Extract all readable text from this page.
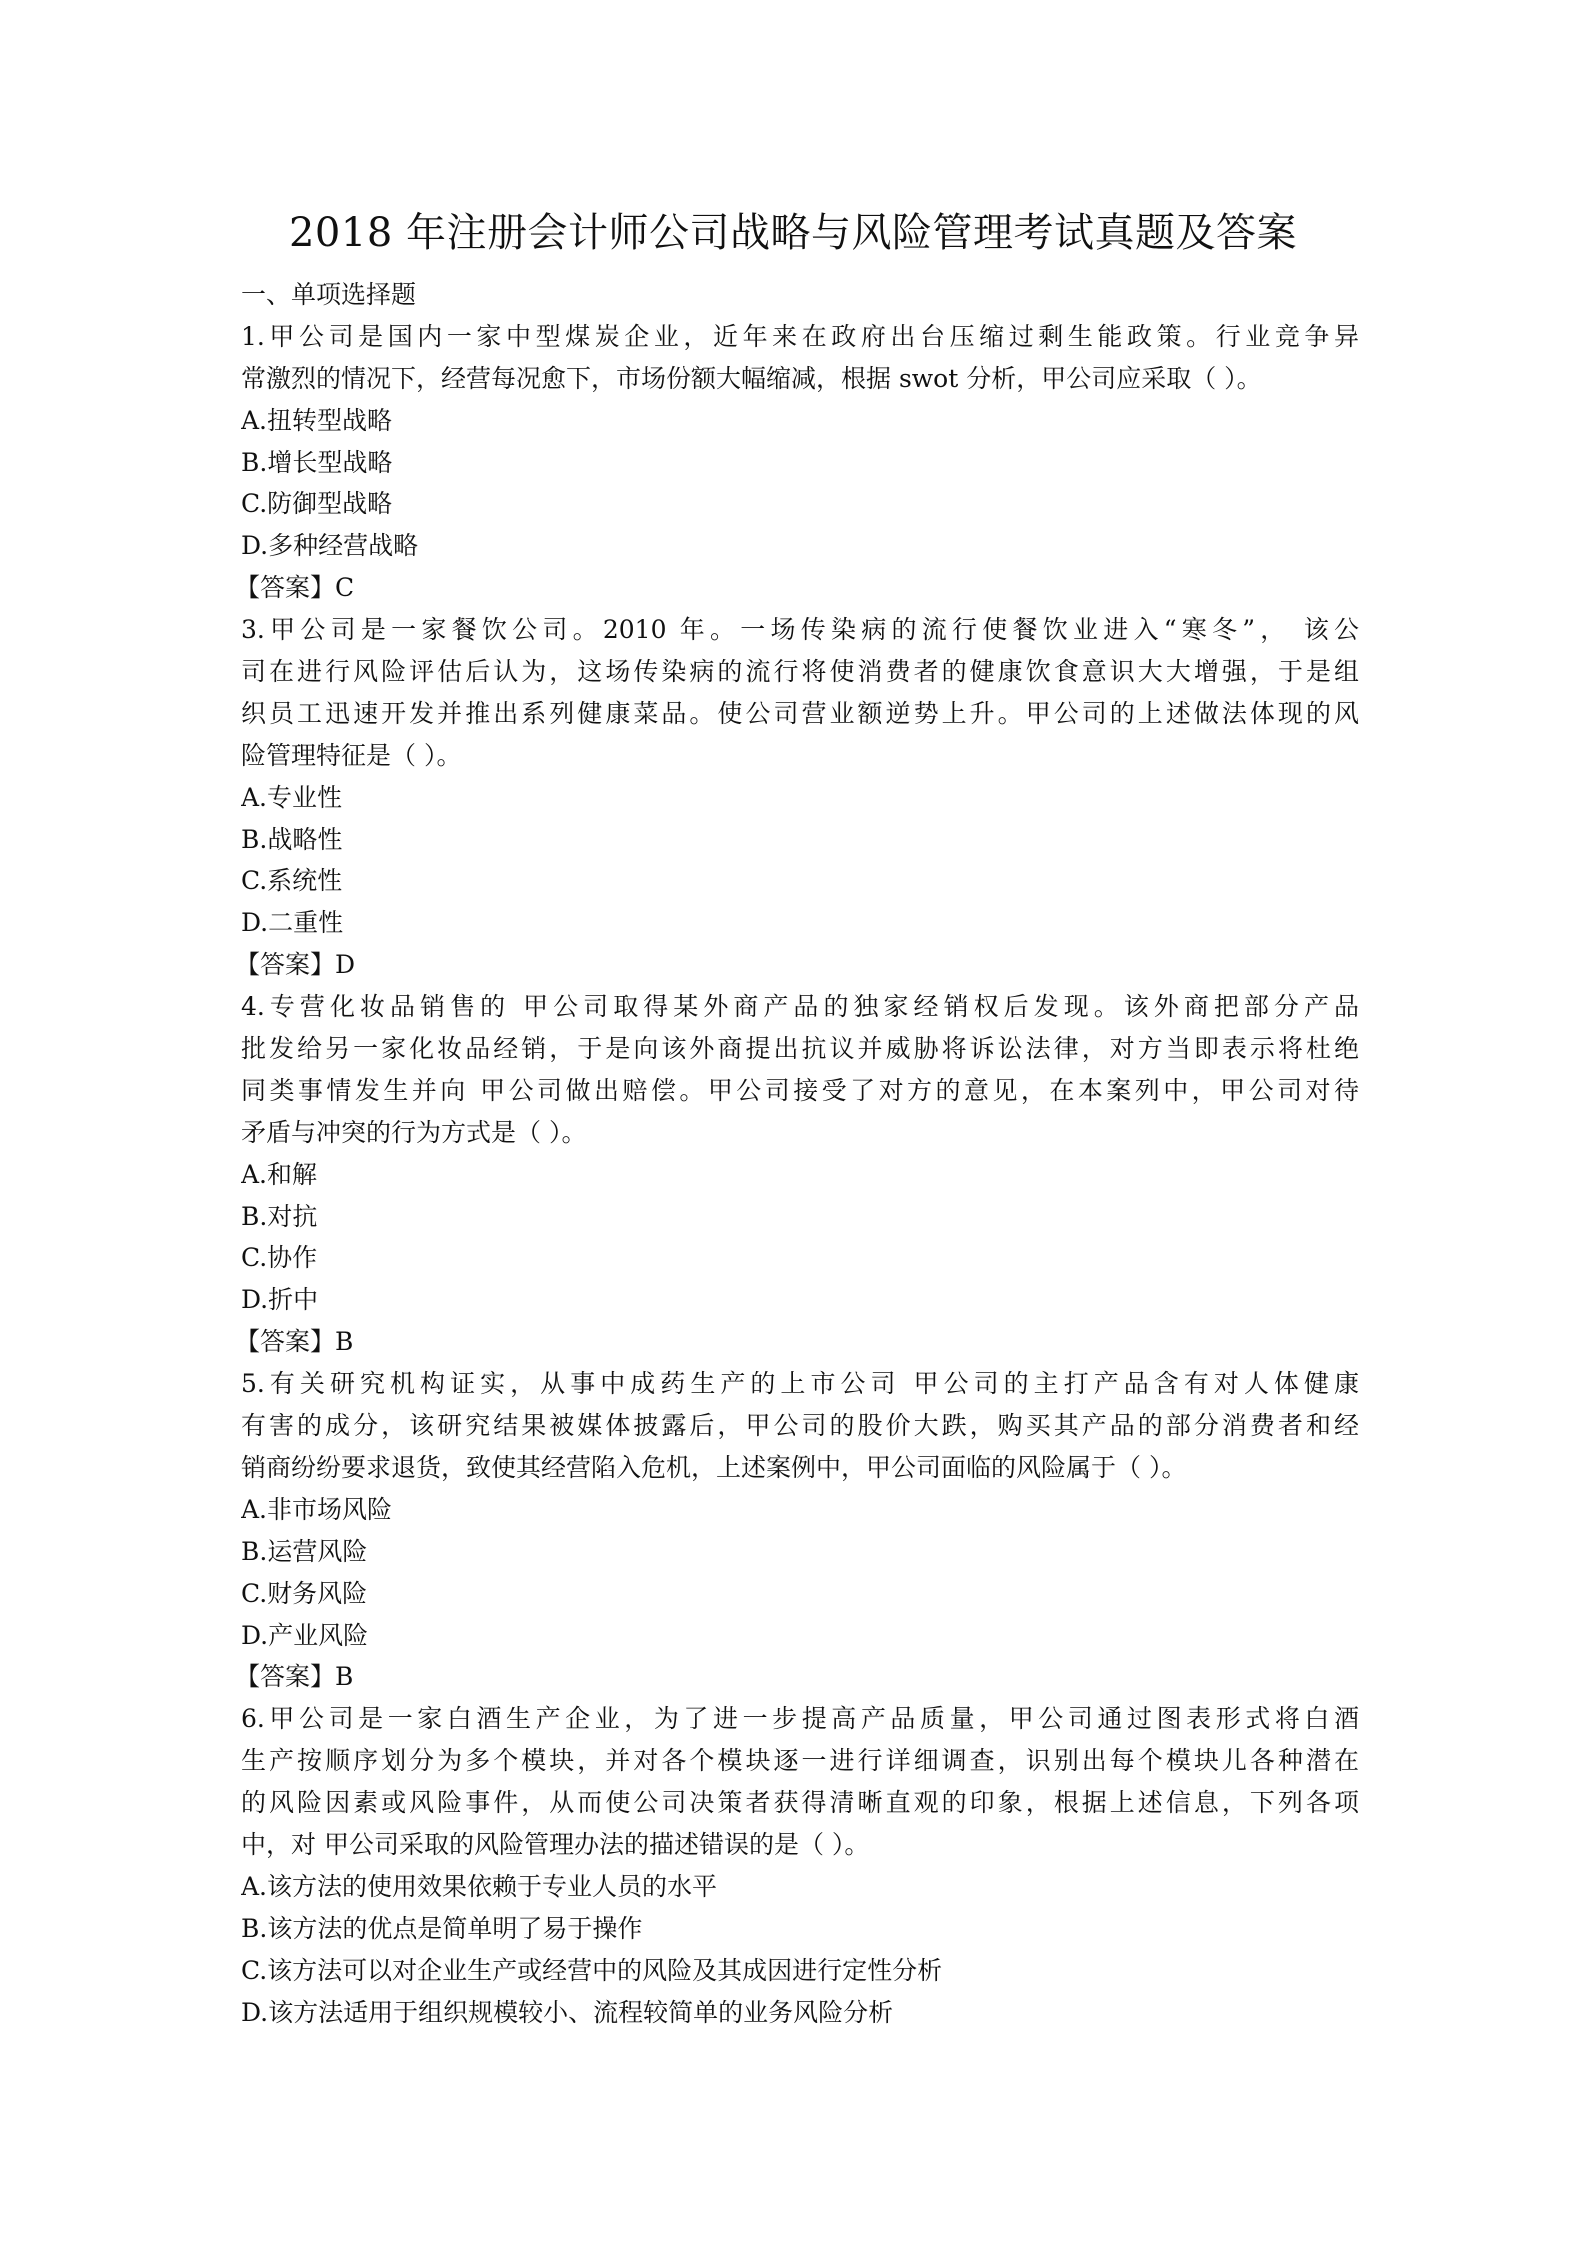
2018 年注册会计师公司战略与风险管理考试真题及答案
一、单项选择题
1.甲公司是国内一家中型煤炭企业，近年来在政府出台压缩过剩生能政策。行业竞争异
常激烈的情况下，经营每况愈下，市场份额大幅缩减，根据 swot 分析，甲公司应采取（ ）。
A.扭转型战略
B.增长型战略
C.防御型战略
D.多种经营战略
【答案】C
3.甲公司是一家餐饮公司。2010 年。一场传染病的流行使餐饮业进入“寒冬”， 该公
司在进行风险评估后认为，这场传染病的流行将使消费者的健康饮食意识大大增强，于是组
织员工迅速开发并推出系列健康菜品。使公司营业额逆势上升。甲公司的上述做法体现的风
险管理特征是（ ）。
A.专业性
B.战略性
C.系统性
D.二重性
【答案】D
4.专营化妆品销售的 甲公司取得某外商产品的独家经销权后发现。该外商把部分产品
批发给另一家化妆品经销，于是向该外商提出抗议并威胁将诉讼法律，对方当即表示将杜绝
同类事情发生并向 甲公司做出赔偿。甲公司接受了对方的意见，在本案列中，甲公司对待
矛盾与冲突的行为方式是（ ）。
A.和解
B.对抗
C.协作
D.折中
【答案】B
5.有关研究机构证实，从事中成药生产的上市公司 甲公司的主打产品含有对人体健康
有害的成分，该研究结果被媒体披露后，甲公司的股价大跌，购买其产品的部分消费者和经
销商纷纷要求退货，致使其经营陷入危机，上述案例中，甲公司面临的风险属于（ ）。
A.非市场风险
B.运营风险
C.财务风险
D.产业风险
【答案】B
6.甲公司是一家白酒生产企业，为了进一步提高产品质量，甲公司通过图表形式将白酒
生产按顺序划分为多个模块，并对各个模块逐一进行详细调查，识别出每个模块儿各种潜在
的风险因素或风险事件，从而使公司决策者获得清晰直观的印象，根据上述信息，下列各项
中，对 甲公司采取的风险管理办法的描述错误的是（ ）。
A.该方法的使用效果依赖于专业人员的水平
B.该方法的优点是简单明了易于操作
C.该方法可以对企业生产或经营中的风险及其成因进行定性分析
D.该方法适用于组织规模较小、流程较简单的业务风险分析
